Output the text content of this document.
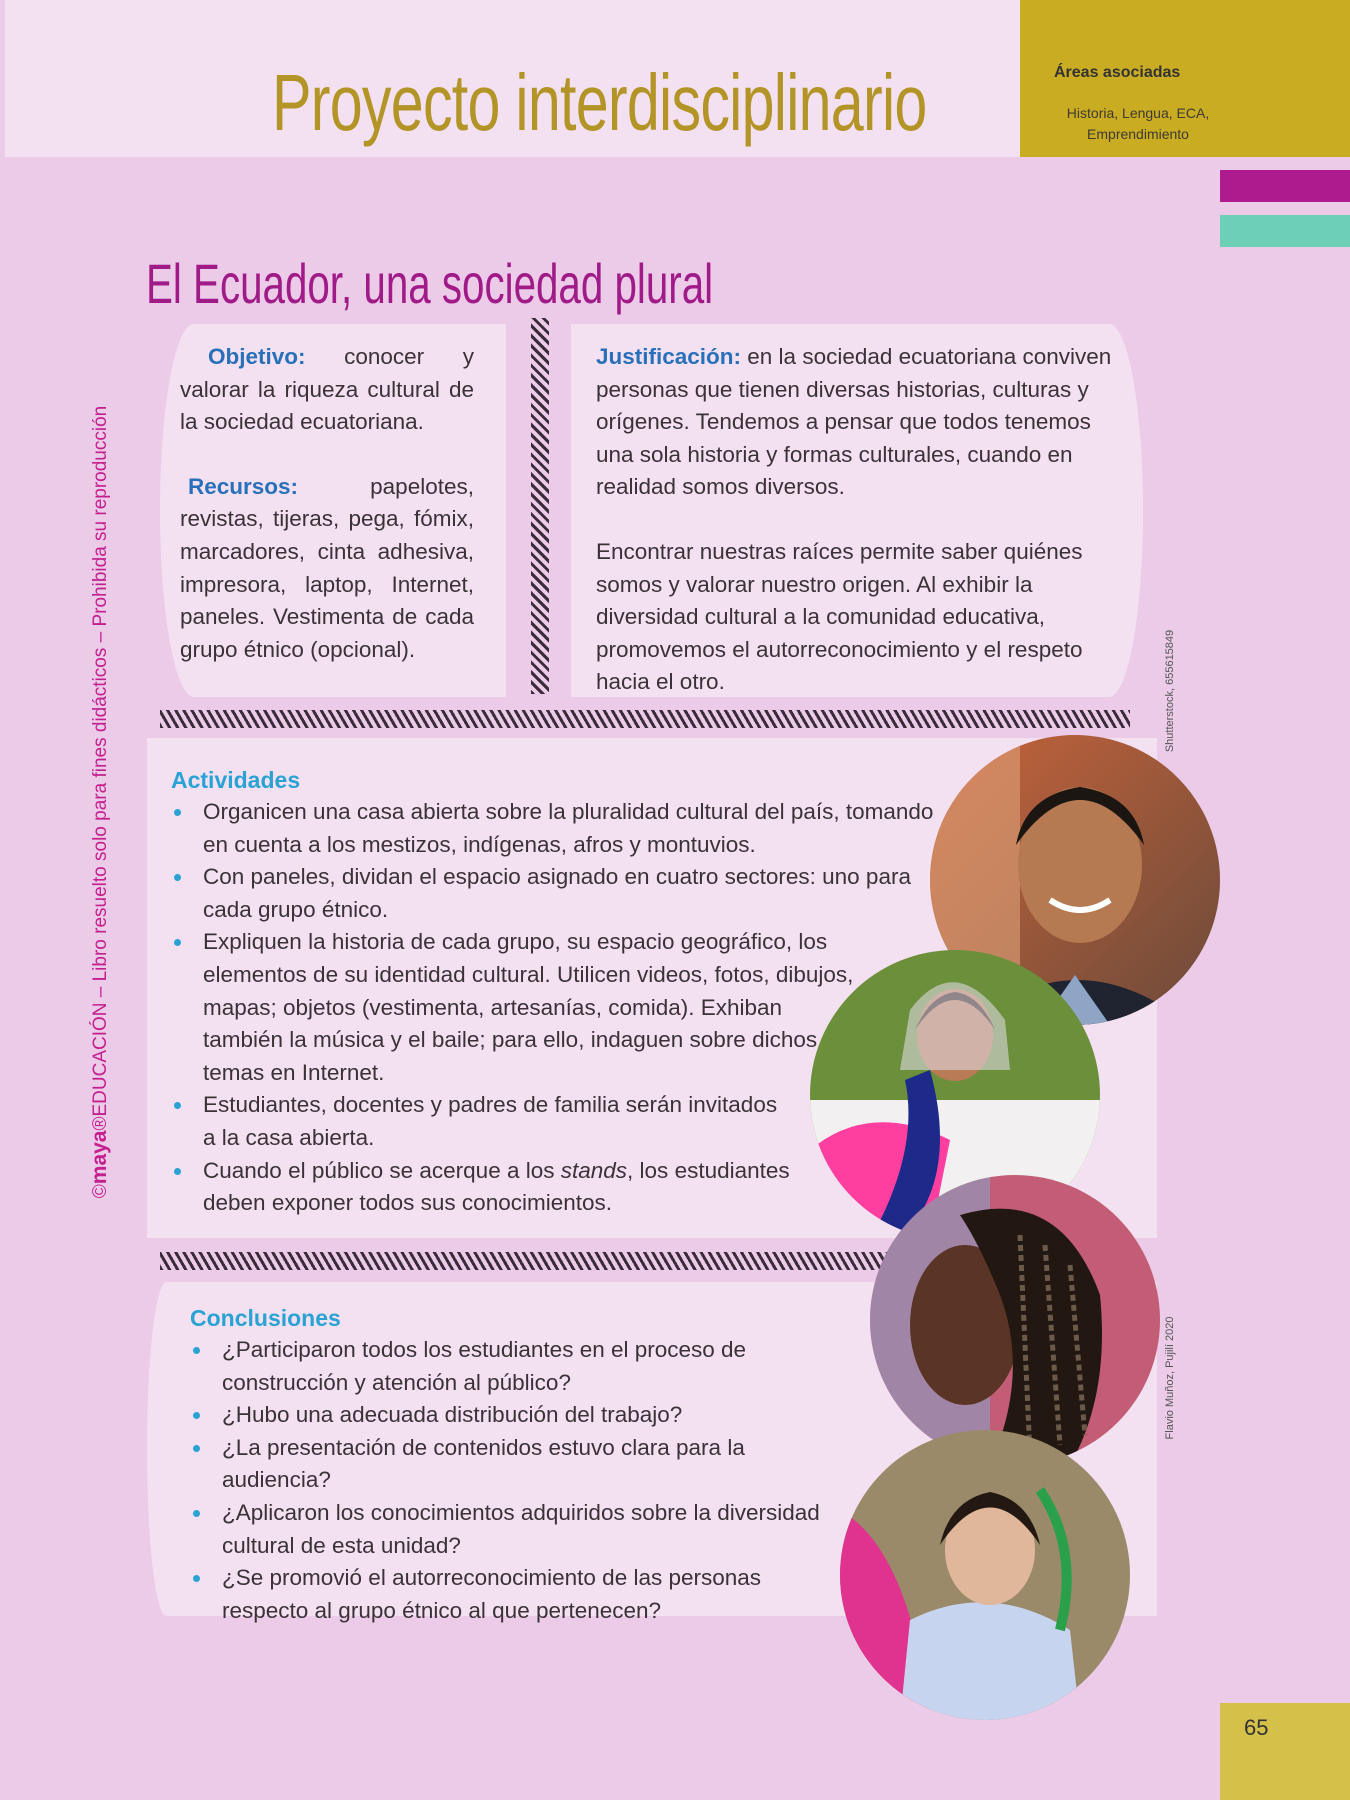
Proyecto interdisciplinario	Áreas asociadas
Historia, Lengua, ECA, Emprendimiento
©maya®EDUCACIÓN – Libro resuelto solo para fines didácticos – Prohibida su reproducción
El Ecuador, una sociedad plural

Objetivo: conocer y valorar la riqueza cultural de la sociedad ecuatoriana.

Recursos: papelotes, revistas, tijeras, pega, fómix, marcadores, cinta adhesiva, impresora, laptop, Internet, paneles. Vestimenta de cada grupo étnico (opcional).

Justificación: en la sociedad ecuatoriana conviven personas que tienen diversas historias, culturas y orígenes. Tendemos a pensar que todos tenemos una sola historia y formas culturales, cuando en realidad somos diversos.

Encontrar nuestras raíces permite saber quiénes somos y valorar nuestro origen. Al exhibir la diversidad cultural a la comunidad educativa, promovemos el autorreconocimiento y el respeto hacia el otro.

Actividades

Organicen una casa abierta sobre la pluralidad cultural del país, tomando en cuenta a los mestizos, indígenas, afros y montuvios.
Con paneles, dividan el espacio asignado en cuatro sectores: uno para cada grupo étnico.
Expliquen la historia de cada grupo, su espacio geográfico, los elementos de su identidad cultural. Utilicen videos, fotos, dibujos, mapas; objetos (vestimenta, artesanías, comida). Exhiban también la música y el baile; para ello, indaguen sobre dichos temas en Internet.
Estudiantes, docentes y padres de familia serán invitados a la casa abierta.
Cuando el público se acerque a los stands, los estudiantes deben exponer todos sus conocimientos.

Conclusiones

¿Participaron todos los estudiantes en el proceso de construcción y atención al público?
¿Hubo una adecuada distribución del trabajo?
¿La presentación de contenidos estuvo clara para la audiencia?
¿Aplicaron los conocimientos adquiridos sobre la diversidad cultural de esta unidad?
¿Se promovió el autorreconocimiento de las personas respecto al grupo étnico al que pertenecen?
Shutterstock, 655615849
Flavio Muñoz, Pujilí 2020
65
